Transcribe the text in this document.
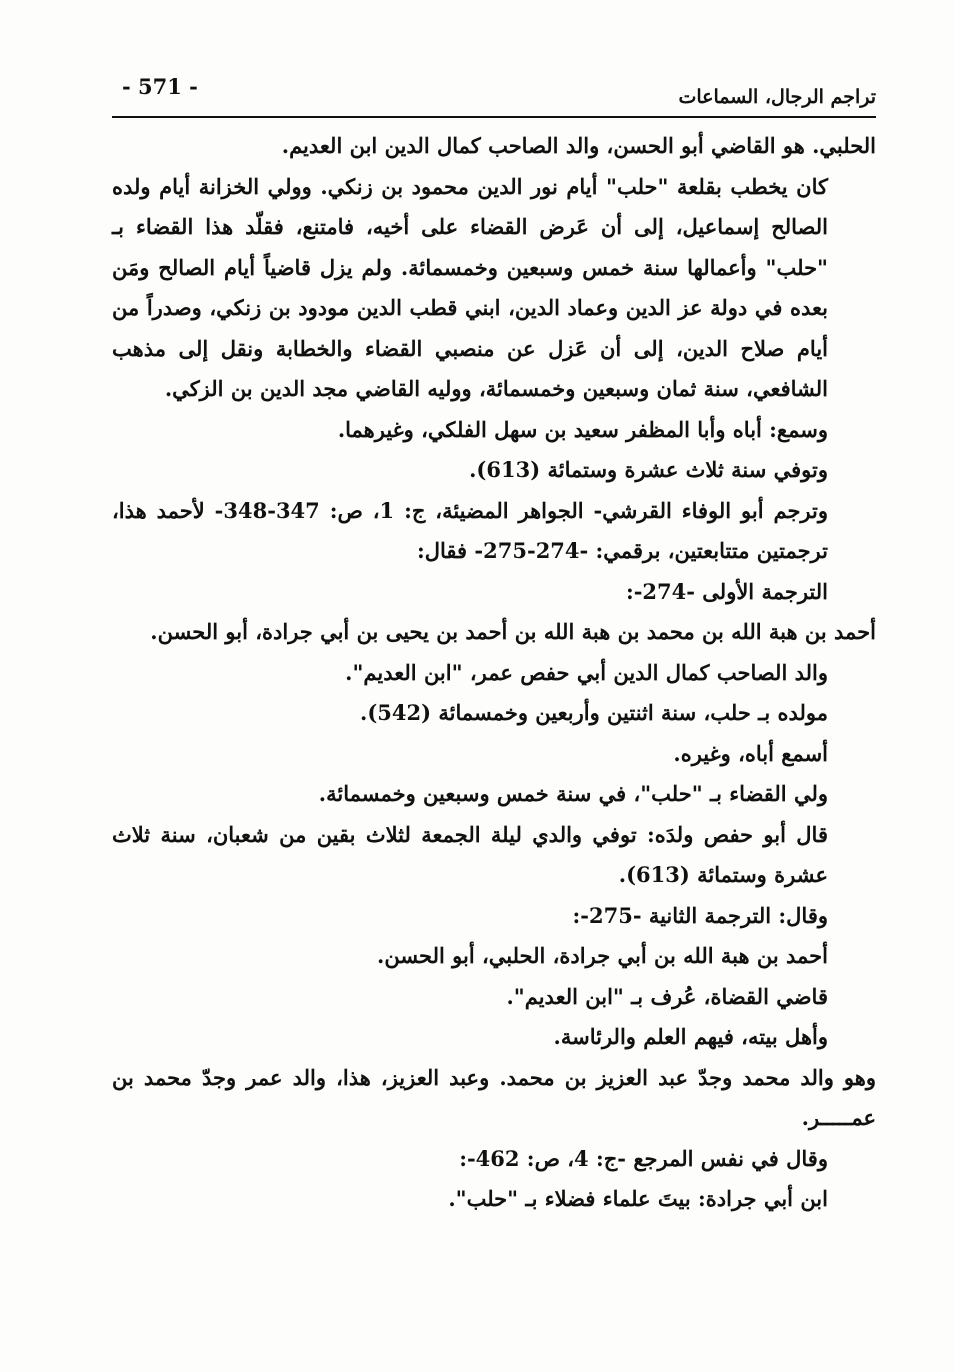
تراجم الرجال، السماعات
- 571 -

الحلبي. هو القاضي أبو الحسن، والد الصاحب كمال الدين ابن العديم.

كان يخطب بقلعة "حلب" أيام نور الدين محمود بن زنكي. وولي الخزانة أيام ولده الصالح إسماعيل، إلى أن عَرض القضاء على أخيه، فامتنع، فقلّد هذا القضاء بـ "حلب" وأعمالها سنة خمس وسبعين وخمسمائة. ولم يزل قاضياً أيام الصالح ومَن بعده في دولة عز الدين وعماد الدين، ابني قطب الدين مودود بن زنكي، وصدراً من أيام صلاح الدين، إلى أن عَزل عن منصبي القضاء والخطابة ونقل إلى مذهب الشافعي، سنة ثمان وسبعين وخمسمائة، ووليه القاضي مجد الدين بن الزكي.

وسمع: أباه وأبا المظفر سعيد بن سهل الفلكي، وغيرهما.

وتوفي سنة ثلاث عشرة وستمائة (613).

وترجم أبو الوفاء القرشي- الجواهر المضيئة، ج: 1، ص: 347-348- لأحمد هذا، ترجمتين متتابعتين، برقمي: -274-275- فقال:

الترجمة الأولى -274-:

أحمد بن هبة الله بن محمد بن هبة الله بن أحمد بن يحيى بن أبي جرادة، أبو الحسن.

والد الصاحب كمال الدين أبي حفص عمر، "ابن العديم".

مولده بـ حلب، سنة اثنتين وأربعين وخمسمائة (542).

أسمع أباه، وغيره.

ولي القضاء بـ "حلب"، في سنة خمس وسبعين وخمسمائة.

قال أبو حفص ولدَه: توفي والدي ليلة الجمعة لثلاث بقين من شعبان، سنة ثلاث عشرة وستمائة (613).

وقال: الترجمة الثانية -275-:

أحمد بن هبة الله بن أبي جرادة، الحلبي، أبو الحسن.

قاضي القضاة، عُرف بـ "ابن العديم".

وأهل بيته، فيهم العلم والرئاسة.

وهو والد محمد وجدّ عبد العزيز بن محمد. وعبد العزيز، هذا، والد عمر وجدّ محمد بن عمـــــر.

وقال في نفس المرجع -ج: 4، ص: 462-:

ابن أبي جرادة: بيتَ علماء فضلاء بـ "حلب".
